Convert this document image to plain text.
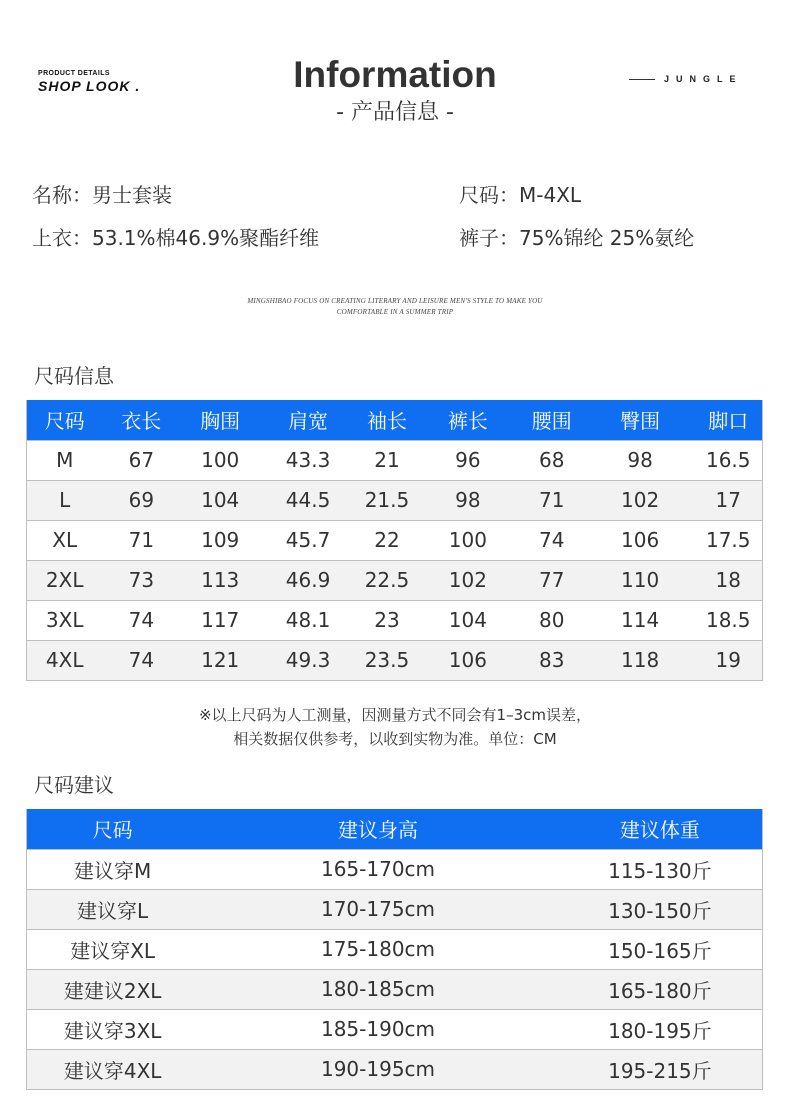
PRODUCT DETAILS
SHOP LOOK .	Information
- 产品信息 -
JUNGLE
名称：男士套装	尺码：M-4XL
上衣：53.1%棉46.9%聚酯纤维	裤子：75%锦纶 25%氨纶
MINGSHIBAO FOCUS ON CREATING LITERARY AND LEISURE MEN'S STYLE TO MAKE YOU
COMFORTABLE IN A SUMMER TRIP
尺码信息
尺码	衣长	胸围	肩宽	袖长	裤长	腰围	臀围	脚口
M	67	100	43.3	21	96	68	98	16.5
L	69	104	44.5	21.5	98	71	102	17
XL	71	109	45.7	22	100	74	106	17.5
2XL	73	113	46.9	22.5	102	77	110	18
3XL	74	117	48.1	23	104	80	114	18.5
4XL	74	121	49.3	23.5	106	83	118	19
※以上尺码为人工测量，因测量方式不同会有1–3cm误差，
相关数据仅供参考，以收到实物为准。单位：CM
尺码建议
尺码	建议身高	建议体重
建议穿M	165-170cm	115-130斤
建议穿L	170-175cm	130-150斤
建议穿XL	175-180cm	150-165斤
建建议2XL	180-185cm	165-180斤
建议穿3XL	185-190cm	180-195斤
建议穿4XL	190-195cm	195-215斤
